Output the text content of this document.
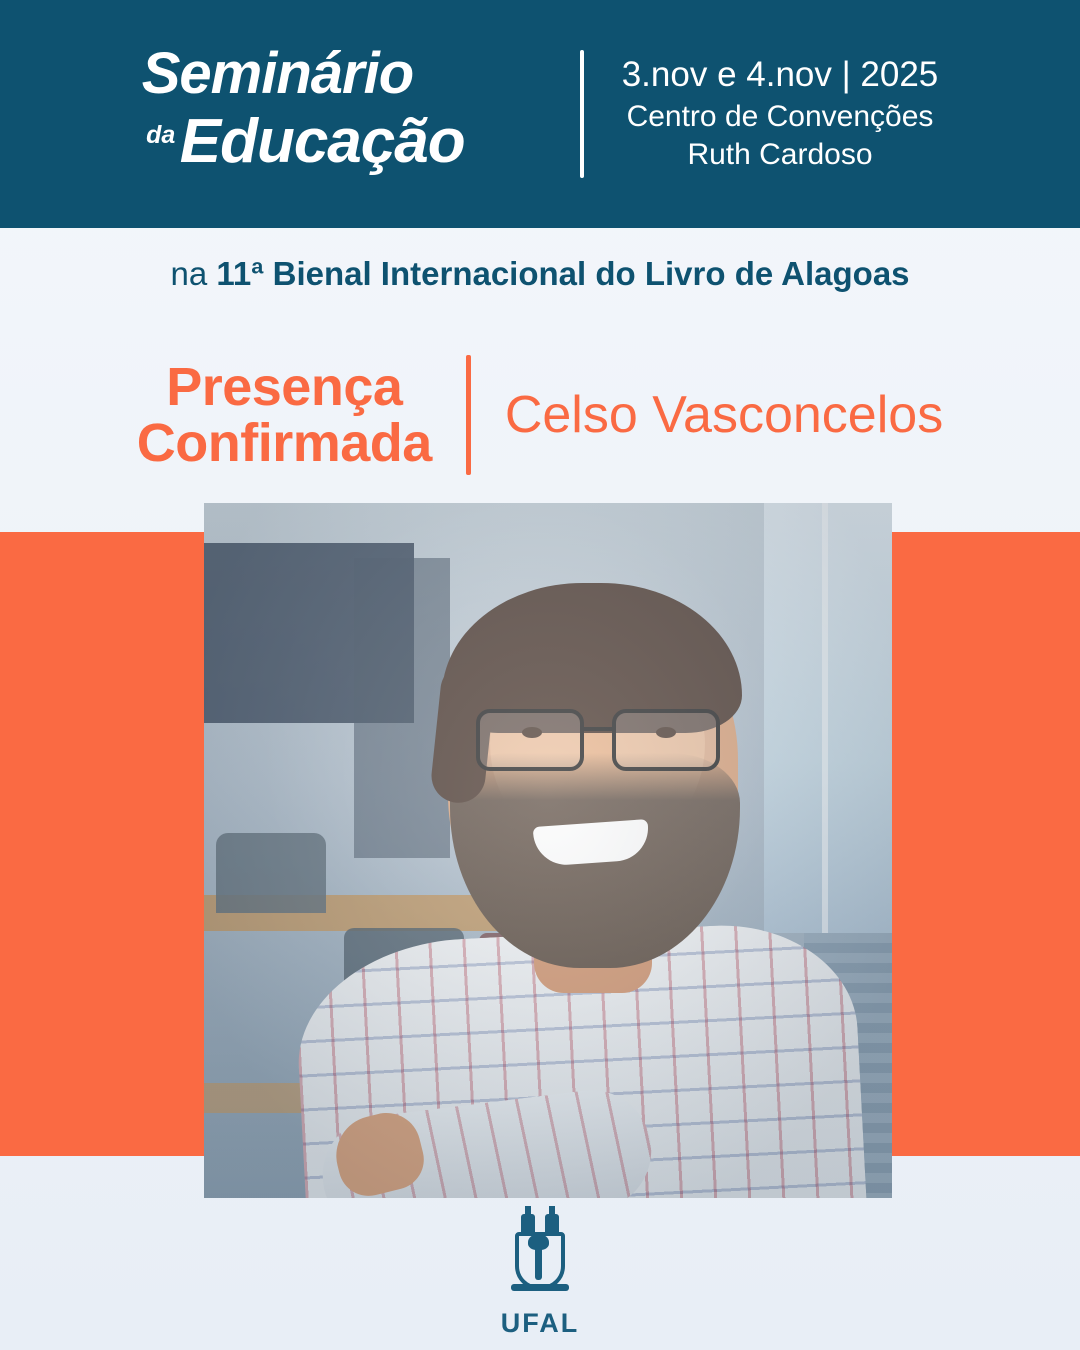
Seminário
da Educação
3.nov e 4.nov | 2025
Centro de Convenções
Ruth Cardoso
na 11ª Bienal Internacional do Livro de Alagoas
Presença
Confirmada Celso Vasconcelos
UFAL
